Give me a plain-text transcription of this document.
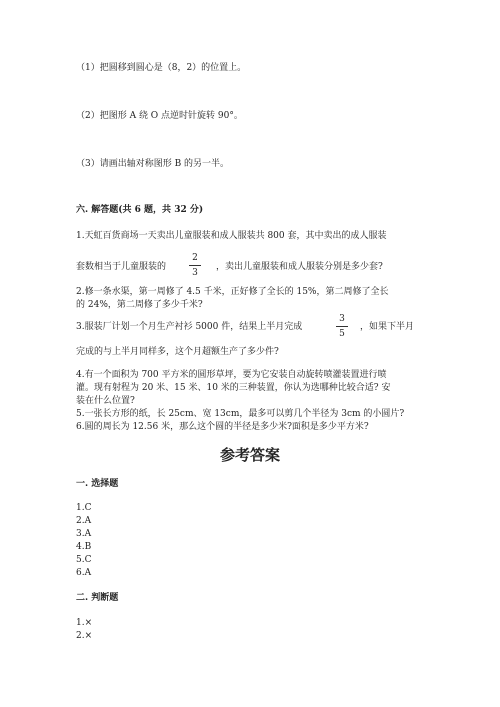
（1）把圆移到圆心是（8，2）的位置上。
（2）把图形 A 绕 O 点逆时针旋转 90°。
（3）请画出轴对称图形 B 的另一半。
六. 解答题(共 6 题，共 32 分)
1.天虹百货商场一天卖出儿童服装和成人服装共 800 套，其中卖出的成人服装
套数相当于儿童服装的
2
3
，卖出儿童服装和成人服装分别是多少套?
2.修一条水渠，第一周修了 4.5 千米，正好修了全长的 15%，第二周修了全长
的 24%，第二周修了多少千米?
3.服装厂计划一个月生产衬衫 5000 件，结果上半月完成
3
5
，如果下半月
完成的与上半月同样多，这个月超额生产了多少件?
4.有一个面积为 700 平方米的圆形草坪，要为它安装自动旋转喷灌装置进行喷
灌。现有射程为 20 米、15 米、10 米的三种装置，你认为选哪种比较合适? 安
装在什么位置?
5.一张长方形的纸，长 25cm、宽 13cm，最多可以剪几个半径为 3cm 的小圆片?
6.圆的周长为 12.56 米，那么这个圆的半径是多少米?面积是多少平方米?
参考答案
一. 选择题
1.C
2.A
3.A
4.B
5.C
6.A
二. 判断题
1.×
2.×
